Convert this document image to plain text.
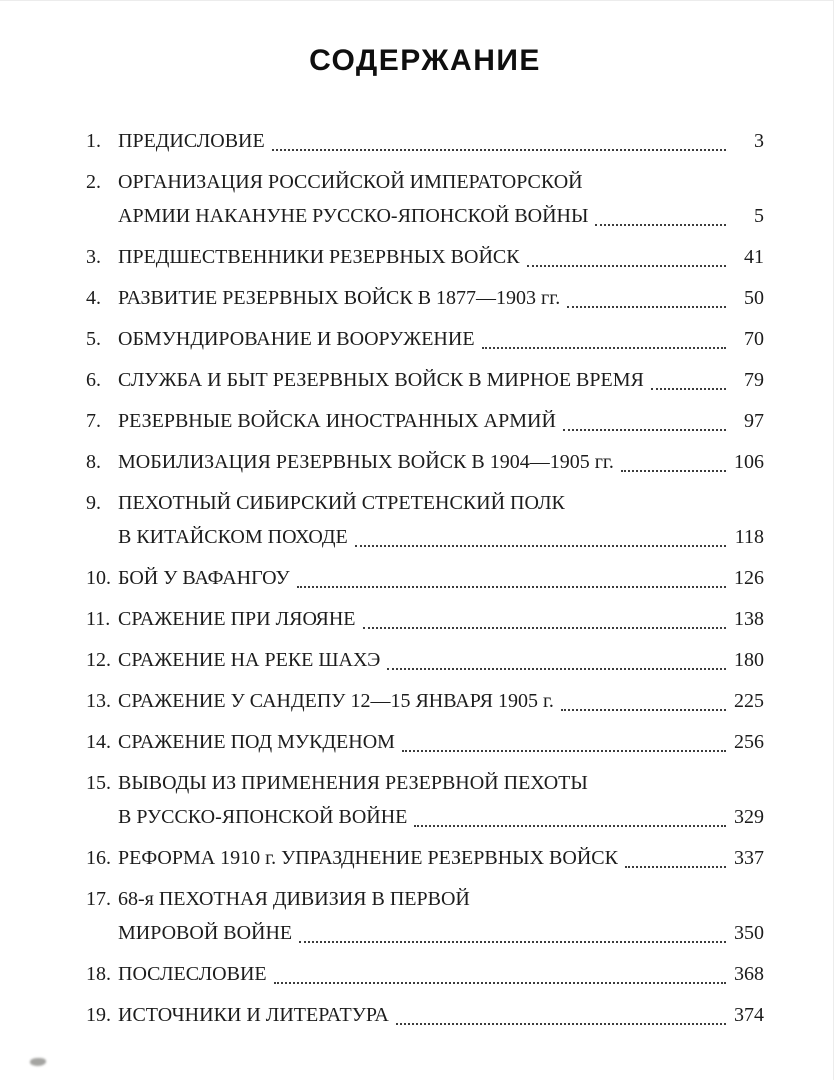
СОДЕРЖАНИЕ
1. ПРЕДИСЛОВИЕ	3
2. ОРГАНИЗАЦИЯ РОССИЙСКОЙ ИМПЕРАТОРСКОЙ
АРМИИ НАКАНУНЕ РУССКО-ЯПОНСКОЙ ВОЙНЫ	5
3. ПРЕДШЕСТВЕННИКИ РЕЗЕРВНЫХ ВОЙСК	41
4. РАЗВИТИЕ РЕЗЕРВНЫХ ВОЙСК В 1877—1903 гг.	50
5. ОБМУНДИРОВАНИЕ И ВООРУЖЕНИЕ	70
6. СЛУЖБА И БЫТ РЕЗЕРВНЫХ ВОЙСК В МИРНОЕ ВРЕМЯ	79
7. РЕЗЕРВНЫЕ ВОЙСКА ИНОСТРАННЫХ АРМИЙ	97
8. МОБИЛИЗАЦИЯ РЕЗЕРВНЫХ ВОЙСК В 1904—1905 гг.	106
9. ПЕХОТНЫЙ СИБИРСКИЙ СТРЕТЕНСКИЙ ПОЛК
В КИТАЙСКОМ ПОХОДЕ	118
10. БОЙ У ВАФАНГОУ	126
11. СРАЖЕНИЕ ПРИ ЛЯОЯНЕ	138
12. СРАЖЕНИЕ НА РЕКЕ ШАХЭ	180
13. СРАЖЕНИЕ У САНДЕПУ 12—15 ЯНВАРЯ 1905 г.	225
14. СРАЖЕНИЕ ПОД МУКДЕНОМ	256
15. ВЫВОДЫ ИЗ ПРИМЕНЕНИЯ РЕЗЕРВНОЙ ПЕХОТЫ
В РУССКО-ЯПОНСКОЙ ВОЙНЕ	329
16. РЕФОРМА 1910 г. УПРАЗДНЕНИЕ РЕЗЕРВНЫХ ВОЙСК	337
17. 68-я ПЕХОТНАЯ ДИВИЗИЯ В ПЕРВОЙ
МИРОВОЙ ВОЙНЕ	350
18. ПОСЛЕСЛОВИЕ	368
19. ИСТОЧНИКИ И ЛИТЕРАТУРА	374
